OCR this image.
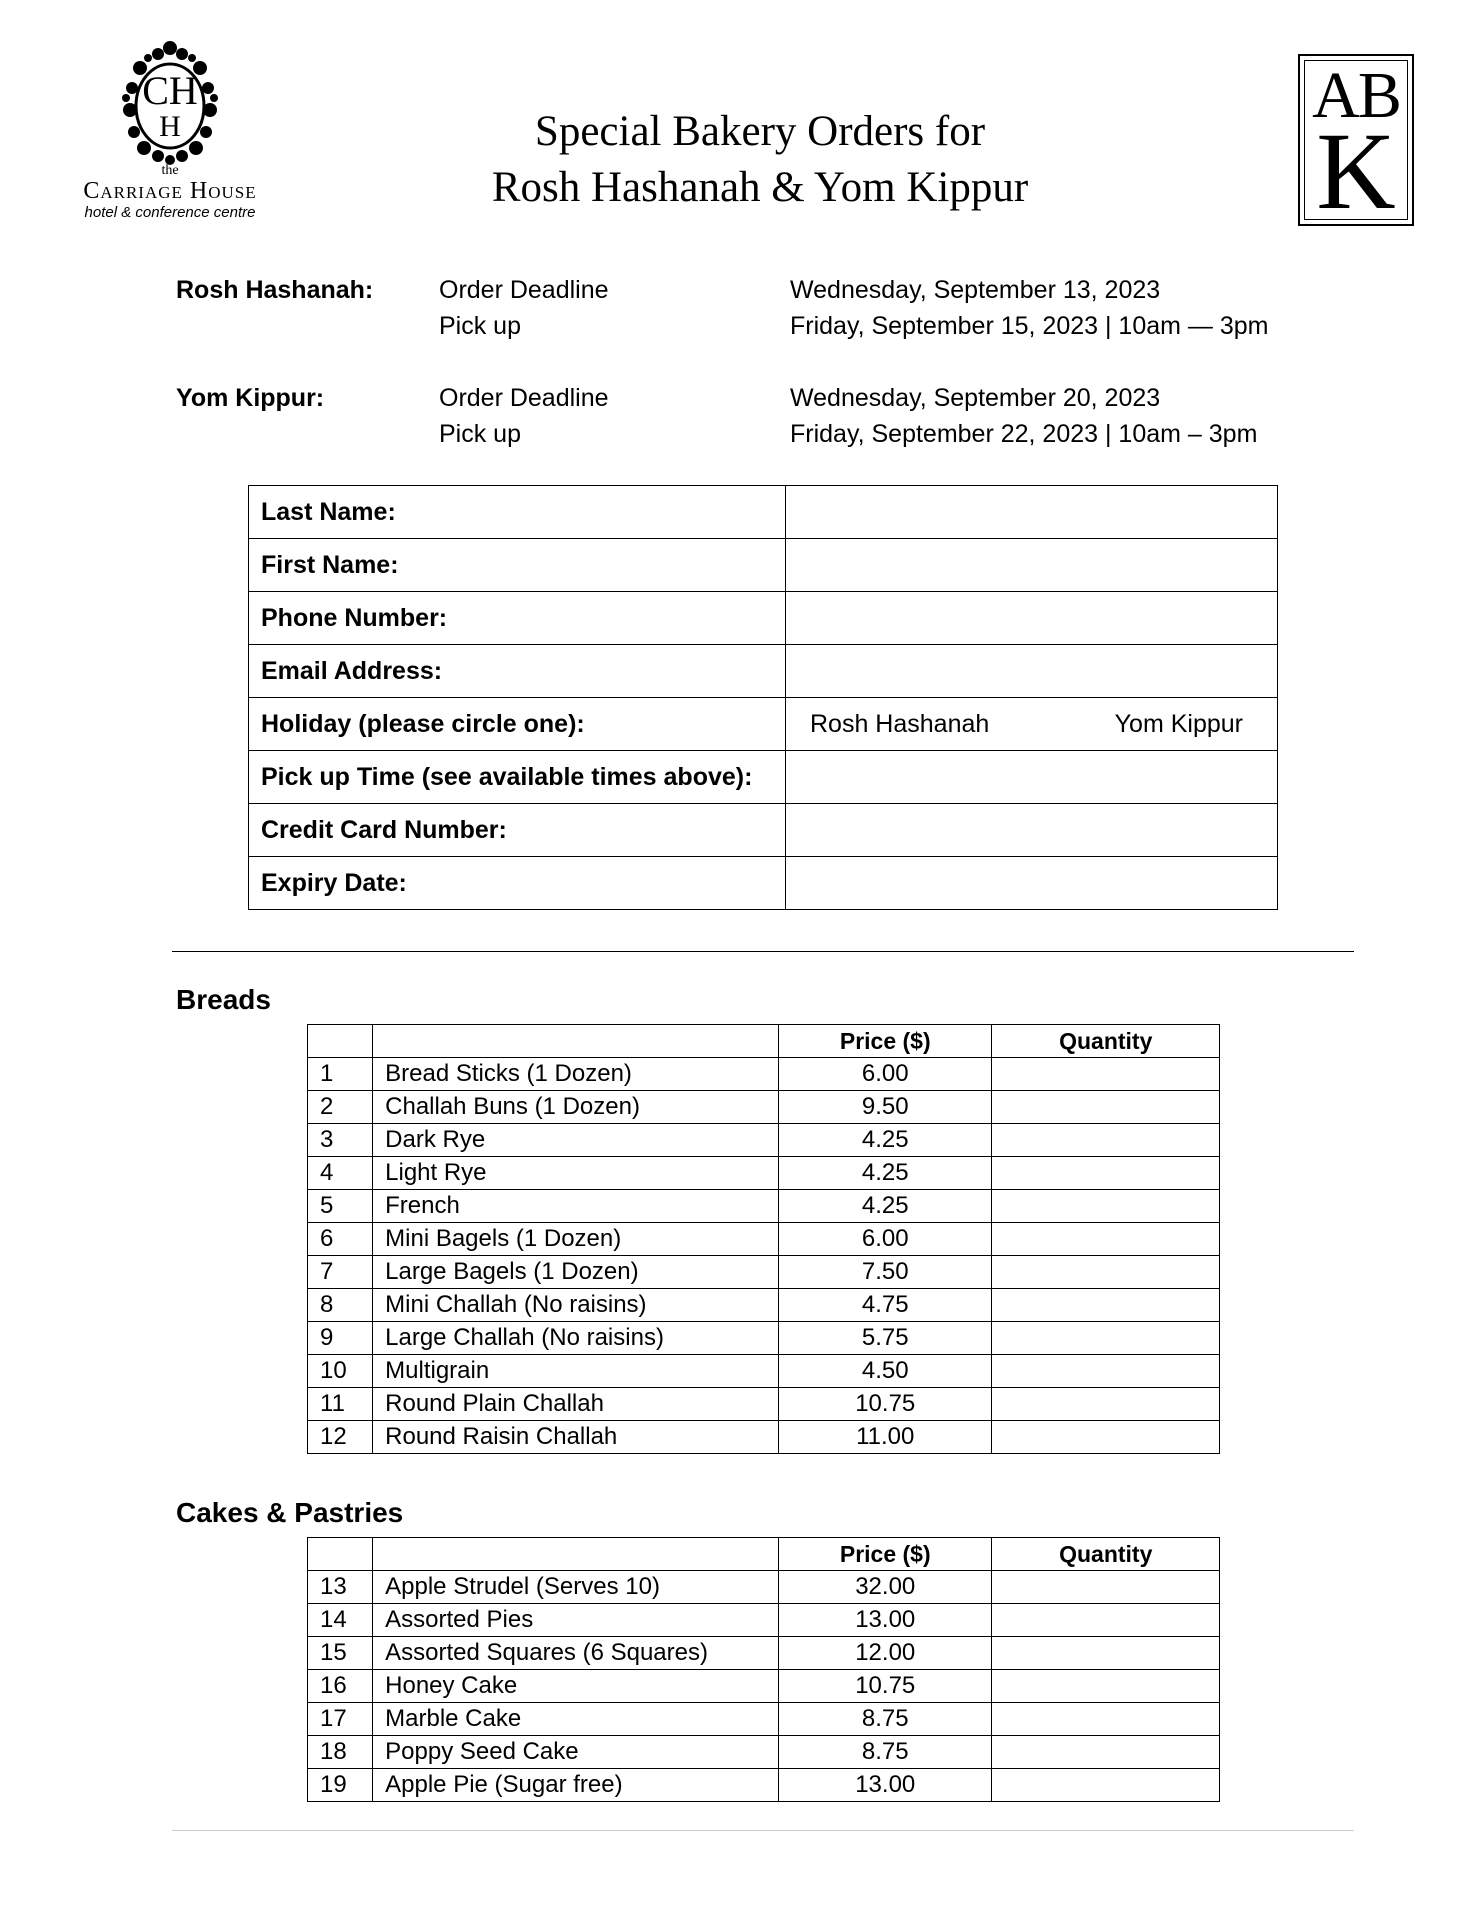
CH
H
the
Carriage House
hotel & conference centre
Special Bakery Orders for
Rosh Hashanah & Yom Kippur
AB
K
Rosh Hashanah:	Order Deadline	Wednesday, September 13, 2023
Pick up	Friday, September 15, 2023 | 10am — 3pm
Yom Kippur:	Order Deadline	Wednesday, September 20, 2023
Pick up	Friday, September 22, 2023 | 10am – 3pm
Last Name:	
First Name:	
Phone Number:	
Email Address:	
Holiday (please circle one):	Rosh Hashanah Yom Kippur

Pick up Time (see available times above):	
Credit Card Number:	
Expiry Date:	
Breads
		Price ($)	Quantity
1	Bread Sticks (1 Dozen)	6.00	
2	Challah Buns (1 Dozen)	9.50	
3	Dark Rye	4.25	
4	Light Rye	4.25	
5	French	4.25	
6	Mini Bagels (1 Dozen)	6.00	
7	Large Bagels (1 Dozen)	7.50	
8	Mini Challah (No raisins)	4.75	
9	Large Challah (No raisins)	5.75	
10	Multigrain	4.50	
11	Round Plain Challah	10.75	
12	Round Raisin Challah	11.00	
Cakes & Pastries
		Price ($)	Quantity
13	Apple Strudel (Serves 10)	32.00	
14	Assorted Pies	13.00	
15	Assorted Squares (6 Squares)	12.00	
16	Honey Cake	10.75	
17	Marble Cake	8.75	
18	Poppy Seed Cake	8.75	
19	Apple Pie (Sugar free)	13.00	
